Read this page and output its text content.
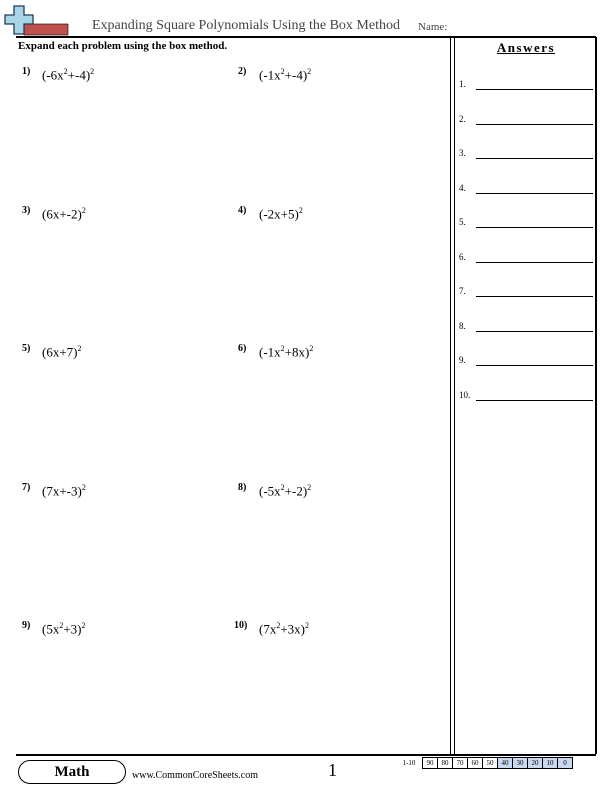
Expanding Square Polynomials Using the Box Method Name:
Expand each problem using the box method.
1) $(-6x^2+-4)^2$	2) $(-1x^2+-4)^2$
3) $(6x+-2)^2$	4) $(-2x+5)^2$
5) $(6x+7)^2$	6) $(-1x^2+8x)^2$
7) $(7x+-3)^2$	8) $(-5x^2+-2)^2$
9) $(5x^2+3)^2$	10) $(7x^2+3x)^2$
Answers
1.
2.
3.
4.
5.
6.
7.
8.
9.
10.
Math	www.CommonCoreSheets.com	1	1-10	90	80	70	60	50	40	30	20	10	0
